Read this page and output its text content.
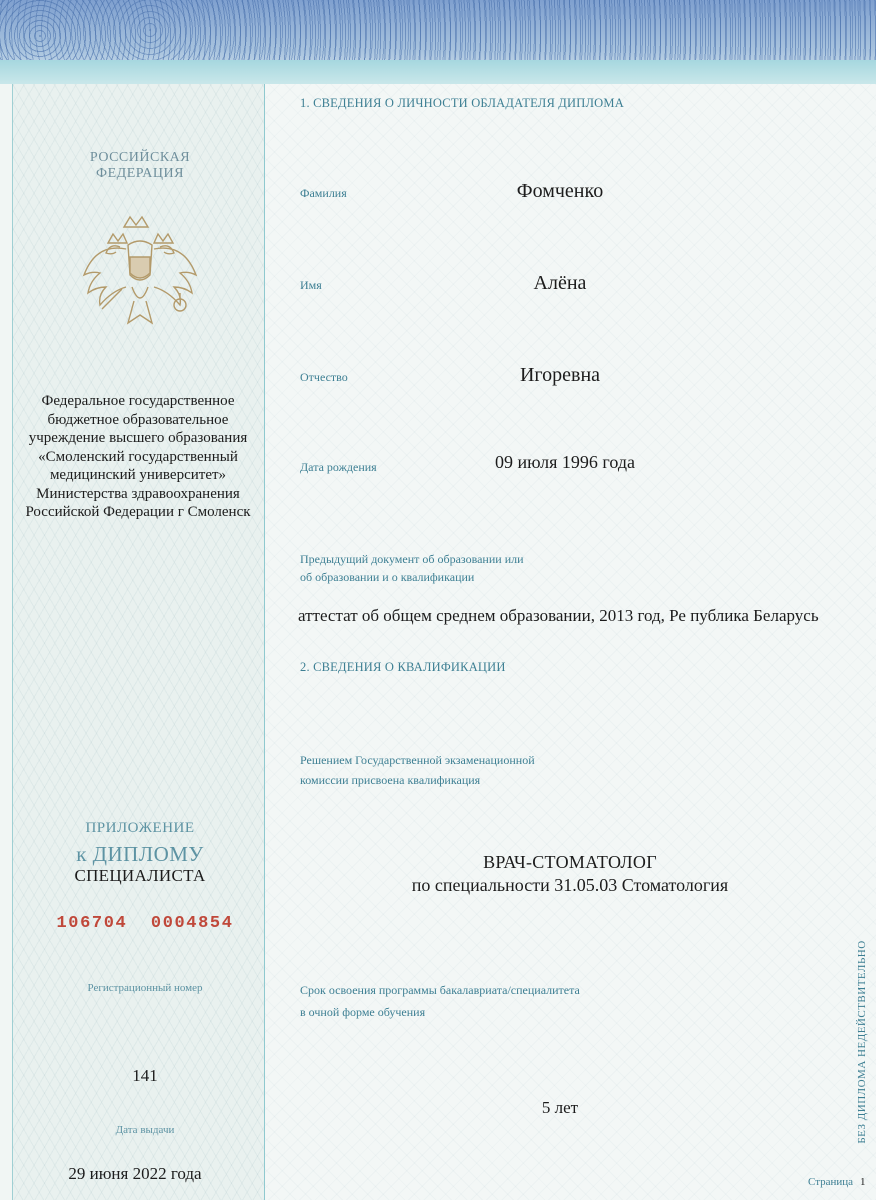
РОССИЙСКАЯ
ФЕДЕРАЦИЯ
Федеральное государственное бюджетное образовательное учреждение высшего образования «Смоленский государственный медицинский университет» Министерства здравоохранения Российской Федерации г Смоленск
ПРИЛОЖЕНИЕ
к ДИПЛОМУ
СПЕЦИАЛИСТА
106704  0004854
Регистрационный номер
141
Дата выдачи
29 июня 2022 года
1. СВЕДЕНИЯ О ЛИЧНОСТИ ОБЛАДАТЕЛЯ ДИПЛОМА
Фамилия	Фомченко
Имя	Алёна
Отчество	Игоревна
Дата рождения	09 июля 1996 года
Предыдущий документ об образовании или
об образовании и о квалификации
аттестат об общем среднем образовании, 2013 год, Ре публика Беларусь
2. СВЕДЕНИЯ О КВАЛИФИКАЦИИ
Решением Государственной экзаменационной
комиссии присвоена квалификация
ВРАЧ-СТОМАТОЛОГ
по специальности 31.05.03 Стоматология
Срок освоения программы бакалавриата/специалитета
в очной форме обучения
5 лет	БЕЗ ДИПЛОМА НЕДЕЙСТВИТЕЛЬНО
Страница 1
